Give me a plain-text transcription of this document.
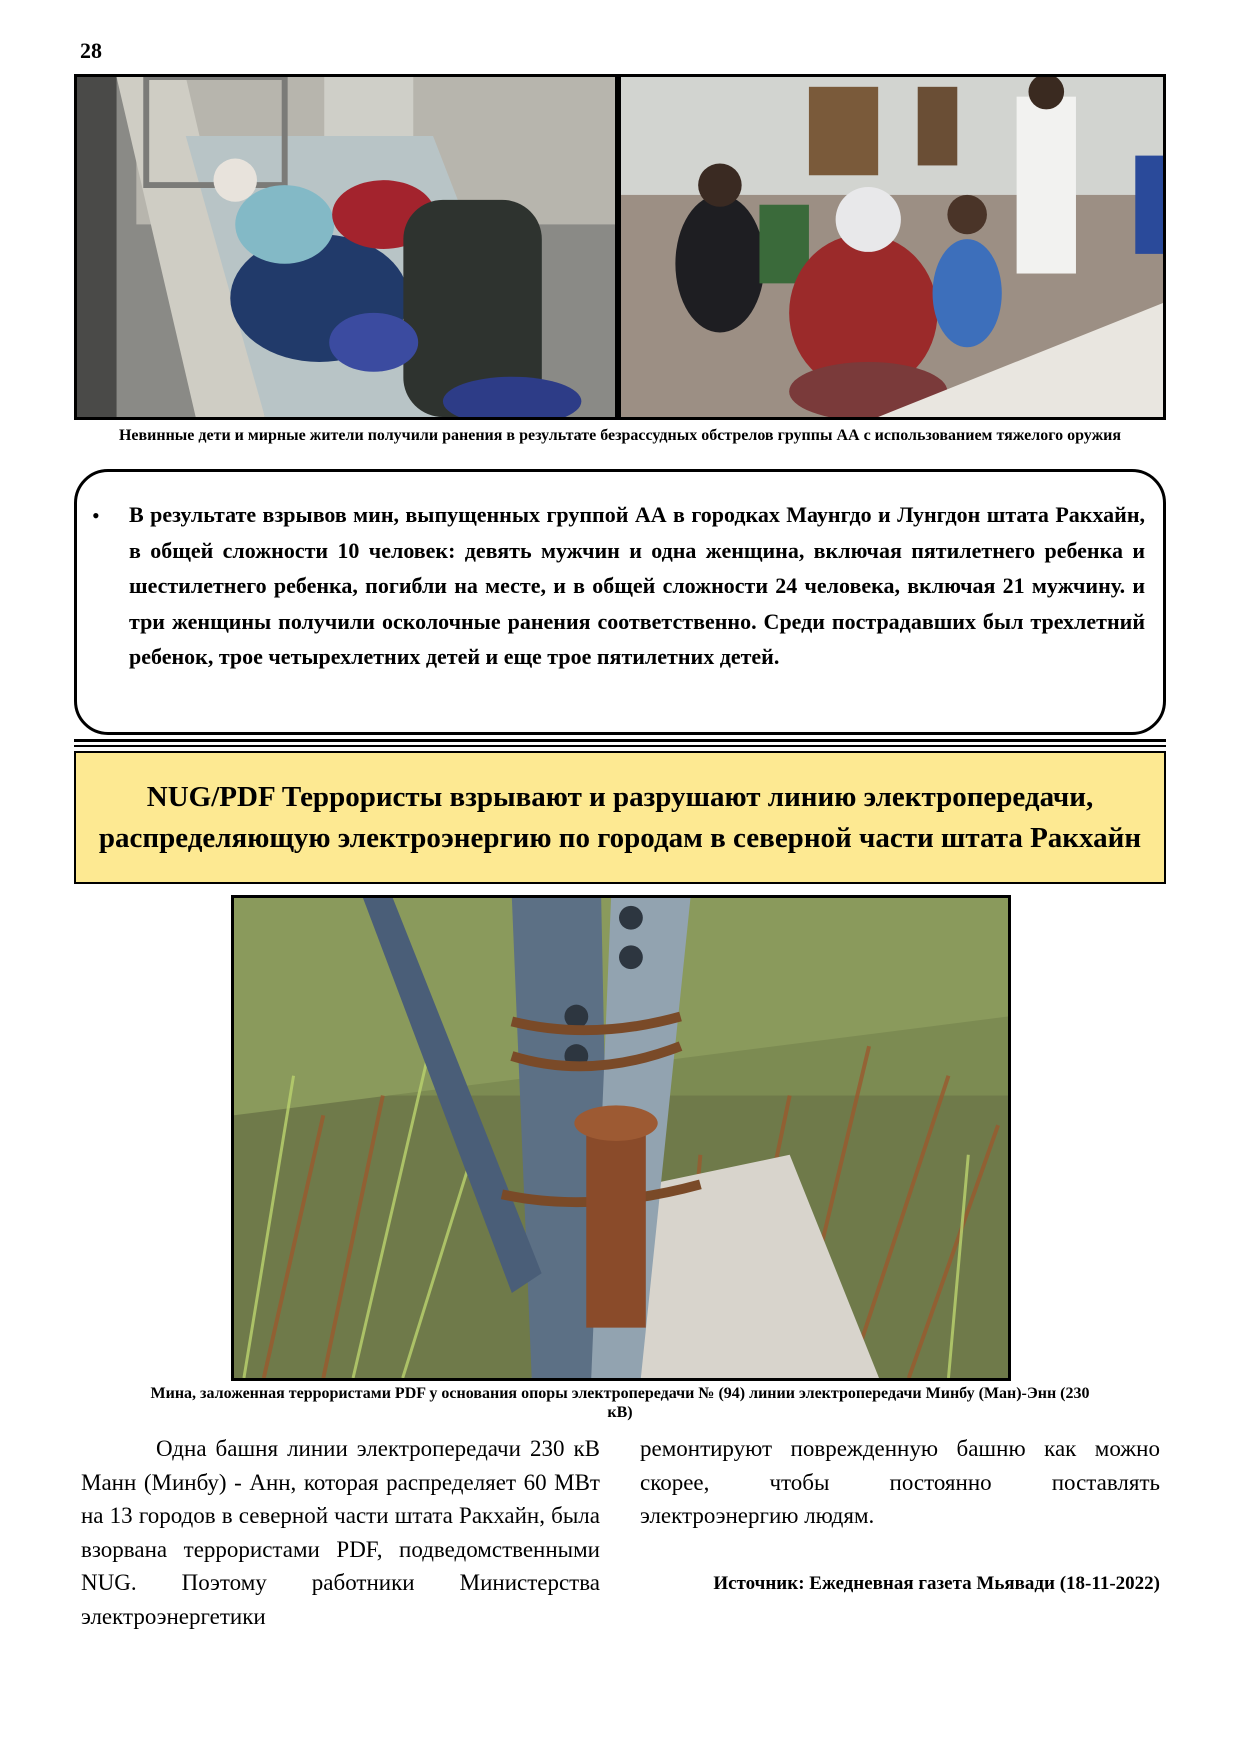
28
Невинные дети и мирные жители получили ранения в результате безрассудных обстрелов группы АА с использованием тяжелого оружия
• В результате взрывов мин, выпущенных группой АА в городках Маунгдо и Лунгдон штата Ракхайн, в общей сложности 10 человек: девять мужчин и одна женщина, включая пятилетнего ребенка и шестилетнего ребенка, погибли на месте, и в общей сложности 24 человека, включая 21 мужчину. и три женщины получили осколочные ранения соответственно. Среди пострадавших был трехлетний ребенок, трое четырехлетних детей и еще трое пятилетних детей.
NUG/PDF Террористы взрывают и разрушают линию электропередачи, распределяющую электроэнергию по городам в северной части штата Ракхайн
Мина, заложенная террористами PDF у основания опоры электропередачи № (94) линии электропередачи Минбу (Ман)-Энн (230 кВ)
Одна башня линии электропередачи 230 кВ Манн (Минбу) - Анн, которая распределяет 60 МВт на 13 городов в северной части штата Ракхайн, была взорвана террористами PDF, подведомственными NUG. Поэтому работники Министерства электроэнергетики
ремонтируют поврежденную башню как можно скорее, чтобы постоянно поставлять электроэнергию людям.
Источник: Ежедневная газета Мьявади (18-11-2022)
